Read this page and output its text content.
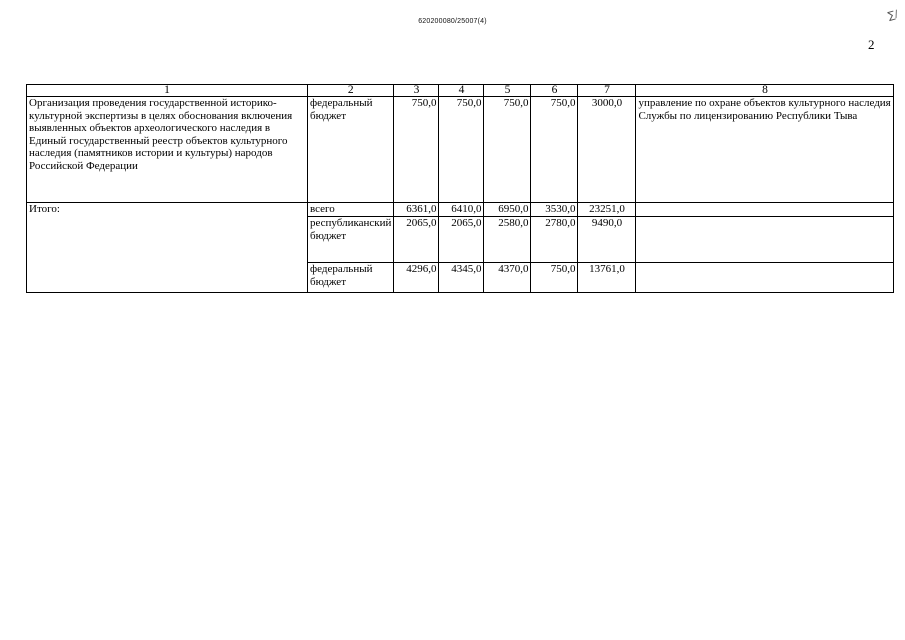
620200080/25007(4)	∑∕
2
1	2	3	4	5	6	7	8
Организация проведения государственной историко-культурной экспертизы в целях обоснования включения выявленных объектов археологического наследия в Единый государственный реестр объектов культурного наследия (памятников истории и культуры) народов Российской Федерации	федеральный бюджет	750,0	750,0	750,0	750,0	3000,0	управление по охране объектов культурного наследия Службы по лицензированию Республики Тыва
Итого:	всего	6361,0	6410,0	6950,0	3530,0	23251,0	
	республиканский бюджет	2065,0	2065,0	2580,0	2780,0	9490,0	
	федеральный бюджет	4296,0	4345,0	4370,0	750,0	13761,0	
